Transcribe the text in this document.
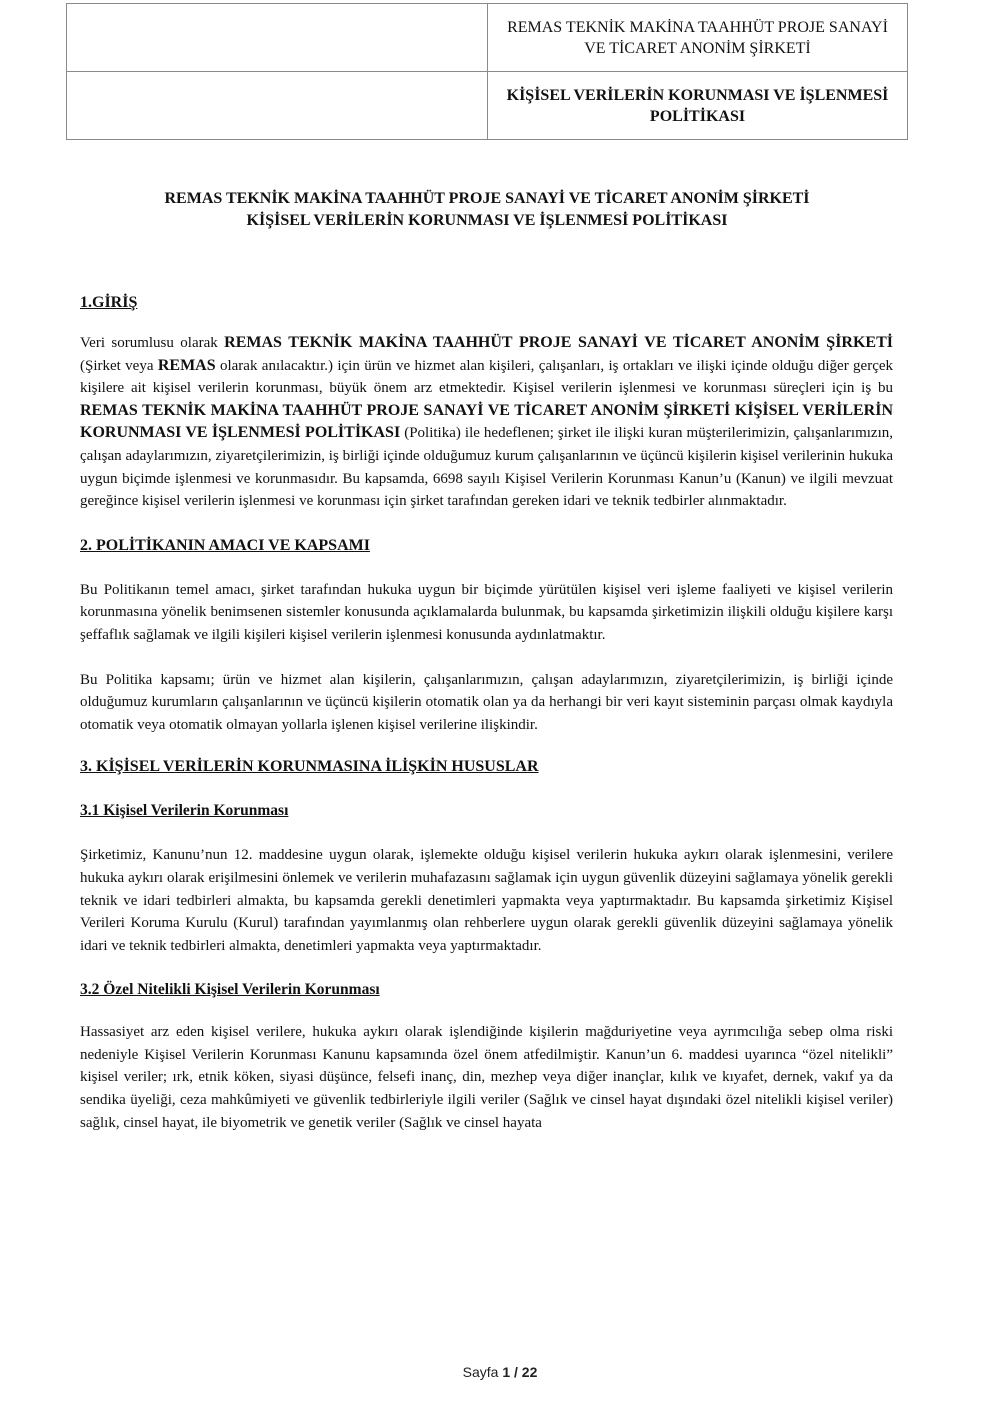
	REMAS TEKNİK MAKİNA TAAHHÜT PROJE SANAYİ VE TİCARET ANONİM ŞİRKETİ
	KİŞİSEL VERİLERİN KORUNMASI VE İŞLENMESİ POLİTİKASI
REMAS TEKNİK MAKİNA TAAHHÜT PROJE SANAYİ VE TİCARET ANONİM ŞİRKETİ
KİŞİSEL VERİLERİN KORUNMASI VE İŞLENMESİ POLİTİKASI

1.GİRİŞ

Veri sorumlusu olarak REMAS TEKNİK MAKİNA TAAHHÜT PROJE SANAYİ VE TİCARET ANONİM ŞİRKETİ (Şirket veya REMAS olarak anılacaktır.) için ürün ve hizmet alan kişileri, çalışanları, iş ortakları ve ilişki içinde olduğu diğer gerçek kişilere ait kişisel verilerin korunması, büyük önem arz etmektedir. Kişisel verilerin işlenmesi ve korunması süreçleri için iş bu REMAS TEKNİK MAKİNA TAAHHÜT PROJE SANAYİ VE TİCARET ANONİM ŞİRKETİ KİŞİSEL VERİLERİN KORUNMASI VE İŞLENMESİ POLİTİKASI (Politika) ile hedeflenen; şirket ile ilişki kuran müşterilerimizin, çalışanlarımızın, çalışan adaylarımızın, ziyaretçilerimizin, iş birliği içinde olduğumuz kurum çalışanlarının ve üçüncü kişilerin kişisel verilerinin hukuka uygun biçimde işlenmesi ve korunmasıdır. Bu kapsamda, 6698 sayılı Kişisel Verilerin Korunması Kanun’u (Kanun) ve ilgili mevzuat gereğince kişisel verilerin işlenmesi ve korunması için şirket tarafından gereken idari ve teknik tedbirler alınmaktadır.

2. POLİTİKANIN AMACI VE KAPSAMI

Bu Politikanın temel amacı, şirket tarafından hukuka uygun bir biçimde yürütülen kişisel veri işleme faaliyeti ve kişisel verilerin korunmasına yönelik benimsenen sistemler konusunda açıklamalarda bulunmak, bu kapsamda şirketimizin ilişkili olduğu kişilere karşı şeffaflık sağlamak ve ilgili kişileri kişisel verilerin işlenmesi konusunda aydınlatmaktır.

Bu Politika kapsamı; ürün ve hizmet alan kişilerin, çalışanlarımızın, çalışan adaylarımızın, ziyaretçilerimizin, iş birliği içinde olduğumuz kurumların çalışanlarının ve üçüncü kişilerin otomatik olan ya da herhangi bir veri kayıt sisteminin parçası olmak kaydıyla otomatik veya otomatik olmayan yollarla işlenen kişisel verilerine ilişkindir.

3. KİŞİSEL VERİLERİN KORUNMASINA İLİŞKİN HUSUSLAR

3.1 Kişisel Verilerin Korunması

Şirketimiz, Kanunu’nun 12. maddesine uygun olarak, işlemekte olduğu kişisel verilerin hukuka aykırı olarak işlenmesini, verilere hukuka aykırı olarak erişilmesini önlemek ve verilerin muhafazasını sağlamak için uygun güvenlik düzeyini sağlamaya yönelik gerekli teknik ve idari tedbirleri almakta, bu kapsamda gerekli denetimleri yapmakta veya yaptırmaktadır. Bu kapsamda şirketimiz Kişisel Verileri Koruma Kurulu (Kurul) tarafından yayımlanmış olan rehberlere uygun olarak gerekli güvenlik düzeyini sağlamaya yönelik idari ve teknik tedbirleri almakta, denetimleri yapmakta veya yaptırmaktadır.

3.2 Özel Nitelikli Kişisel Verilerin Korunması

Hassasiyet arz eden kişisel verilere, hukuka aykırı olarak işlendiğinde kişilerin mağduriyetine veya ayrımcılığa sebep olma riski nedeniyle Kişisel Verilerin Korunması Kanunu kapsamında özel önem atfedilmiştir. Kanun’un 6. maddesi uyarınca “özel nitelikli” kişisel veriler; ırk, etnik köken, siyasi düşünce, felsefi inanç, din, mezhep veya diğer inançlar, kılık ve kıyafet, dernek, vakıf ya da sendika üyeliği, ceza mahkûmiyeti ve güvenlik tedbirleriyle ilgili veriler (Sağlık ve cinsel hayat dışındaki özel nitelikli kişisel veriler) sağlık, cinsel hayat, ile biyometrik ve genetik veriler (Sağlık ve cinsel hayata

Sayfa 1 / 22
